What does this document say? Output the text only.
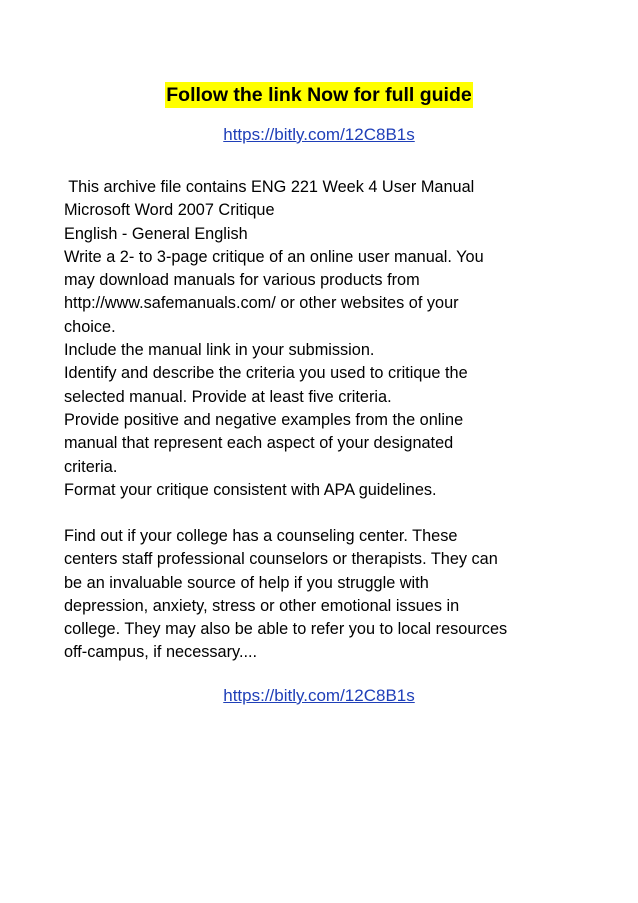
Follow the link Now for full guide
https://bitly.com/12C8B1s
This archive file contains ENG 221 Week 4 User Manual
Microsoft Word 2007 Critique
English - General English
Write a 2- to 3-page critique of an online user manual. You
may download manuals for various products from
http://www.safemanuals.com/ or other websites of your
choice.
Include the manual link in your submission.
Identify and describe the criteria you used to critique the
selected manual. Provide at least five criteria.
Provide positive and negative examples from the online
manual that represent each aspect of your designated
criteria.
Format your critique consistent with APA guidelines.
Find out if your college has a counseling center. These
centers staff professional counselors or therapists. They can
be an invaluable source of help if you struggle with
depression, anxiety, stress or other emotional issues in
college. They may also be able to refer you to local resources
off-campus, if necessary....
https://bitly.com/12C8B1s
